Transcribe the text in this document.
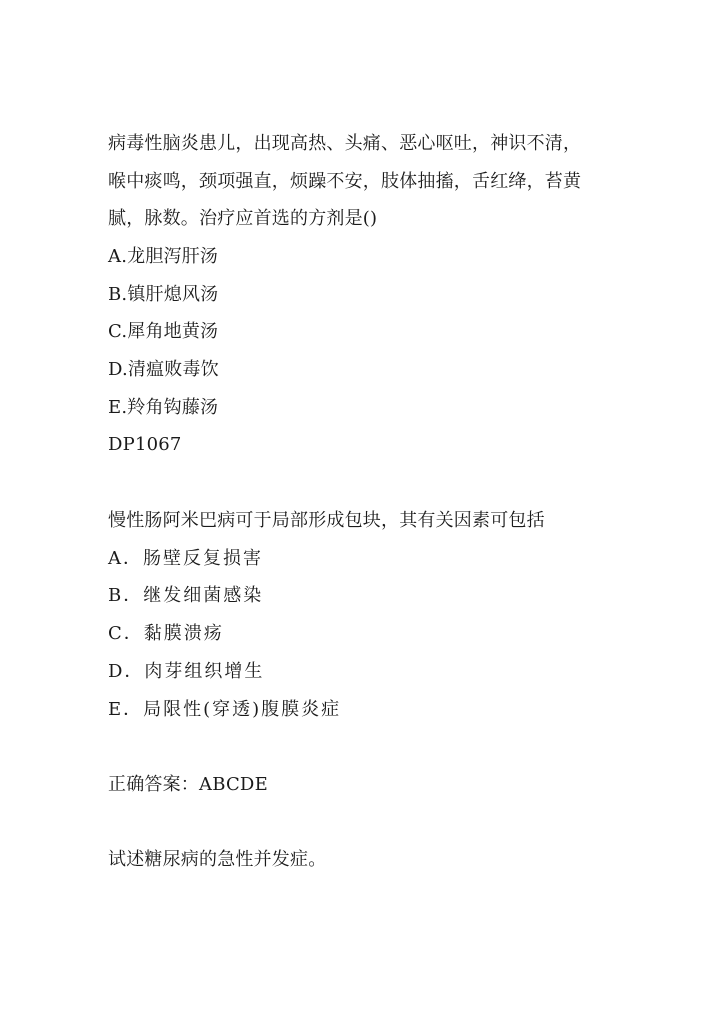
病毒性脑炎患儿，出现高热、头痛、恶心呕吐，神识不清，
喉中痰鸣，颈项强直，烦躁不安，肢体抽搐，舌红绛，苔黄
腻，脉数。治疗应首选的方剂是()
A.龙胆泻肝汤
B.镇肝熄风汤
C.犀角地黄汤
D.清瘟败毒饮
E.羚角钩藤汤
DP1067
慢性肠阿米巴病可于局部形成包块，其有关因素可包括
A．肠壁反复损害
B．继发细菌感染
C．黏膜溃疡
D．肉芽组织增生
E．局限性(穿透)腹膜炎症
正确答案：ABCDE
试述糖尿病的急性并发症。
